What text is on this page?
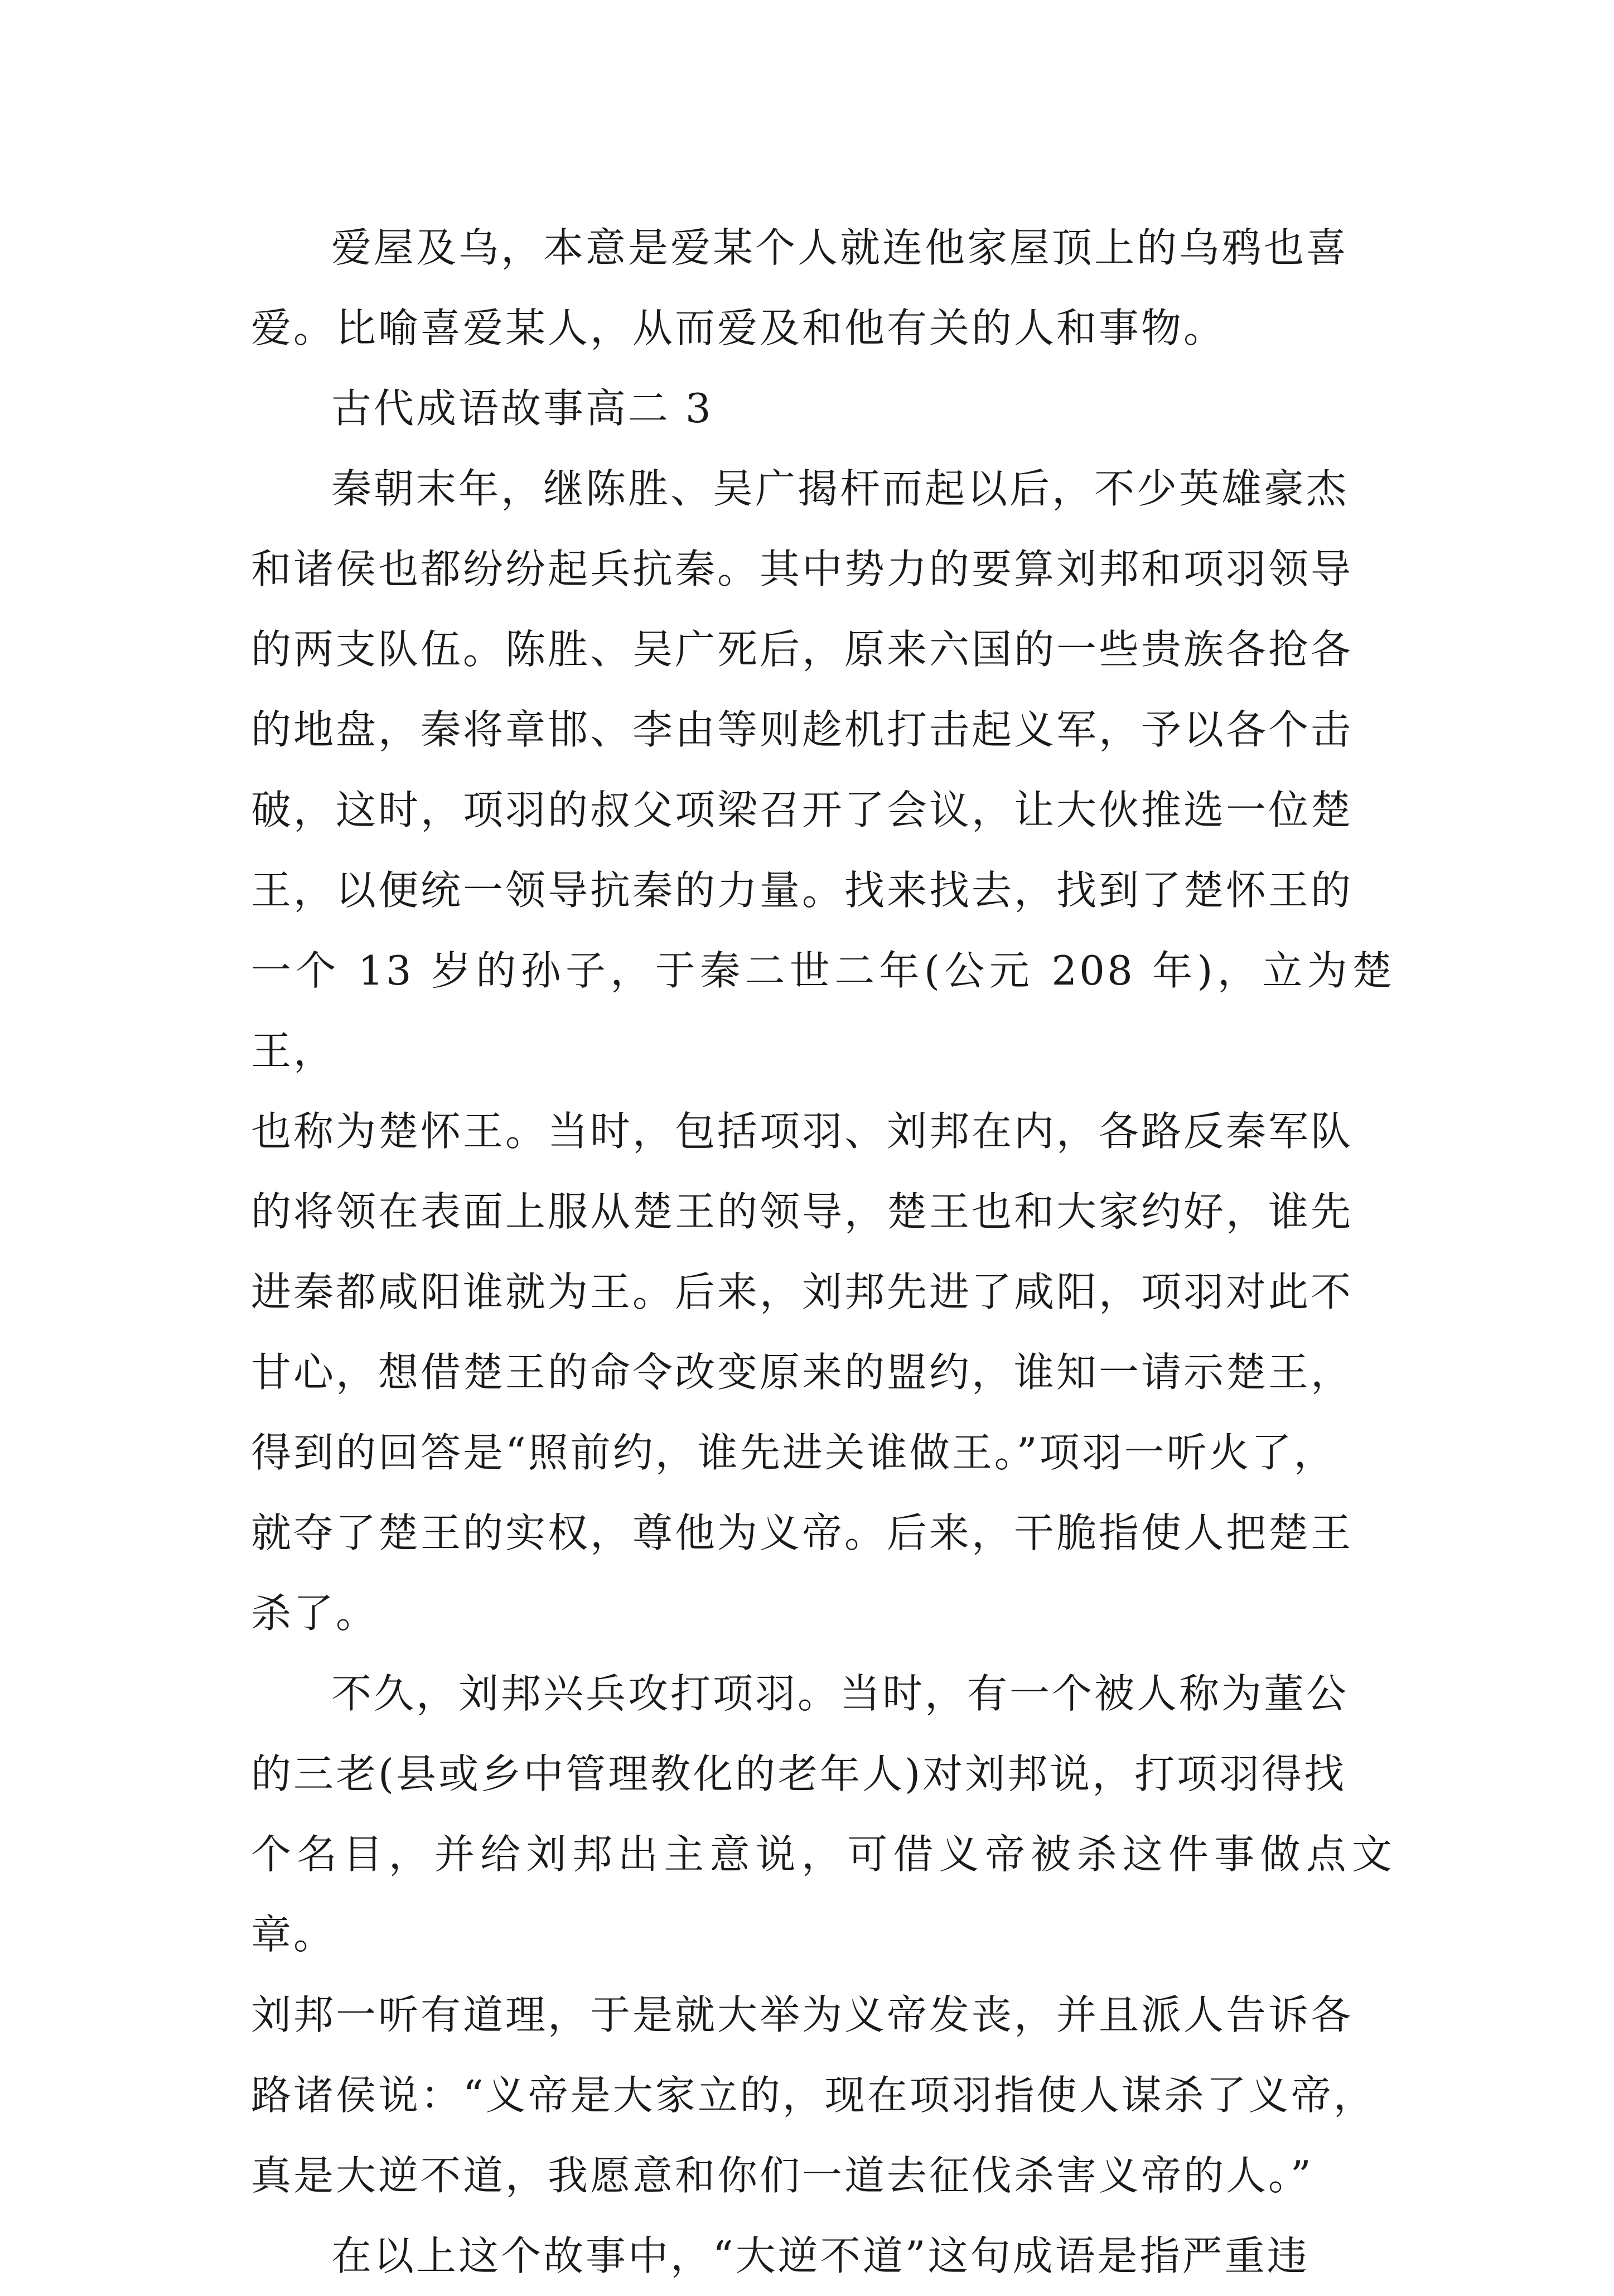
爱屋及乌，本意是爱某个人就连他家屋顶上的乌鸦也喜
爱。比喻喜爱某人，从而爱及和他有关的人和事物。

古代成语故事高二 3

秦朝末年，继陈胜、吴广揭杆而起以后，不少英雄豪杰
和诸侯也都纷纷起兵抗秦。其中势力的要算刘邦和项羽领导
的两支队伍。陈胜、吴广死后，原来六国的一些贵族各抢各
的地盘，秦将章邯、李由等则趁机打击起义军，予以各个击
破，这时，项羽的叔父项梁召开了会议，让大伙推选一位楚
王，以便统一领导抗秦的力量。找来找去，找到了楚怀王的
一个 13 岁的孙子，于秦二世二年(公元 208 年)，立为楚王，
也称为楚怀王。当时，包括项羽、刘邦在内，各路反秦军队
的将领在表面上服从楚王的领导，楚王也和大家约好，谁先
进秦都咸阳谁就为王。后来，刘邦先进了咸阳，项羽对此不
甘心，想借楚王的命令改变原来的盟约，谁知一请示楚王，
得到的回答是“照前约，谁先进关谁做王。”项羽一听火了，
就夺了楚王的实权，尊他为义帝。后来，干脆指使人把楚王
杀了。

不久，刘邦兴兵攻打项羽。当时，有一个被人称为董公
的三老(县或乡中管理教化的老年人)对刘邦说，打项羽得找
个名目，并给刘邦出主意说，可借义帝被杀这件事做点文章。
刘邦一听有道理，于是就大举为义帝发丧，并且派人告诉各
路诸侯说：“义帝是大家立的，现在项羽指使人谋杀了义帝，
真是大逆不道，我愿意和你们一道去征伐杀害义帝的人。”

在以上这个故事中，“大逆不道”这句成语是指严重违
